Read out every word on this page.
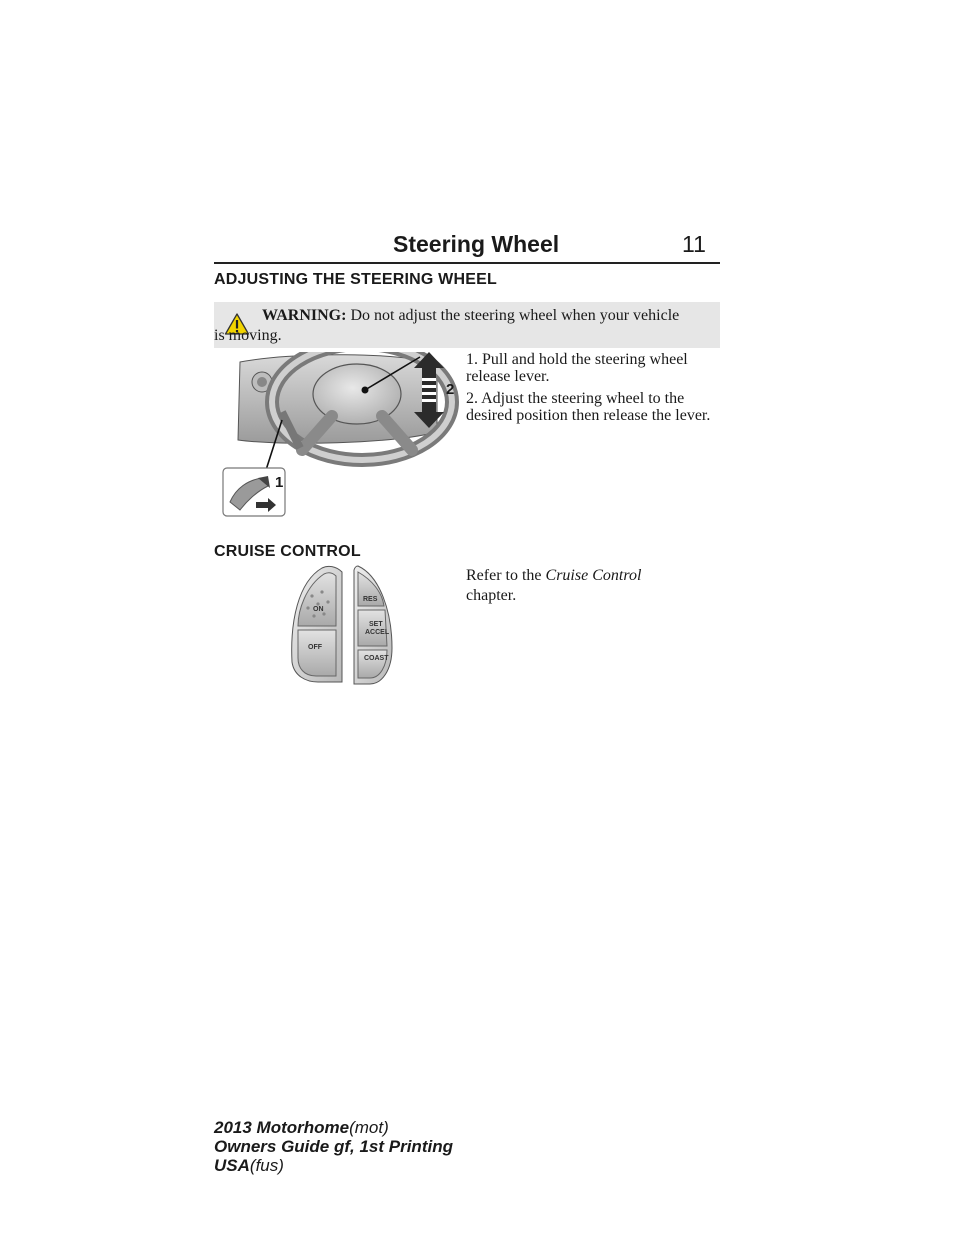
Steering Wheel	11
ADJUSTING THE STEERING WHEEL
WARNING: Do not adjust the steering wheel when your vehicle
is moving.
2
1
1. Pull and hold the steering wheel release lever.
2. Adjust the steering wheel to the desired position then release the lever.
CRUISE CONTROL
ON
OFF
RES
SET
ACCEL
COAST
Refer to the Cruise Control
chapter.
2013 Motorhome(mot)
Owners Guide gf, 1st Printing
USA(fus)
